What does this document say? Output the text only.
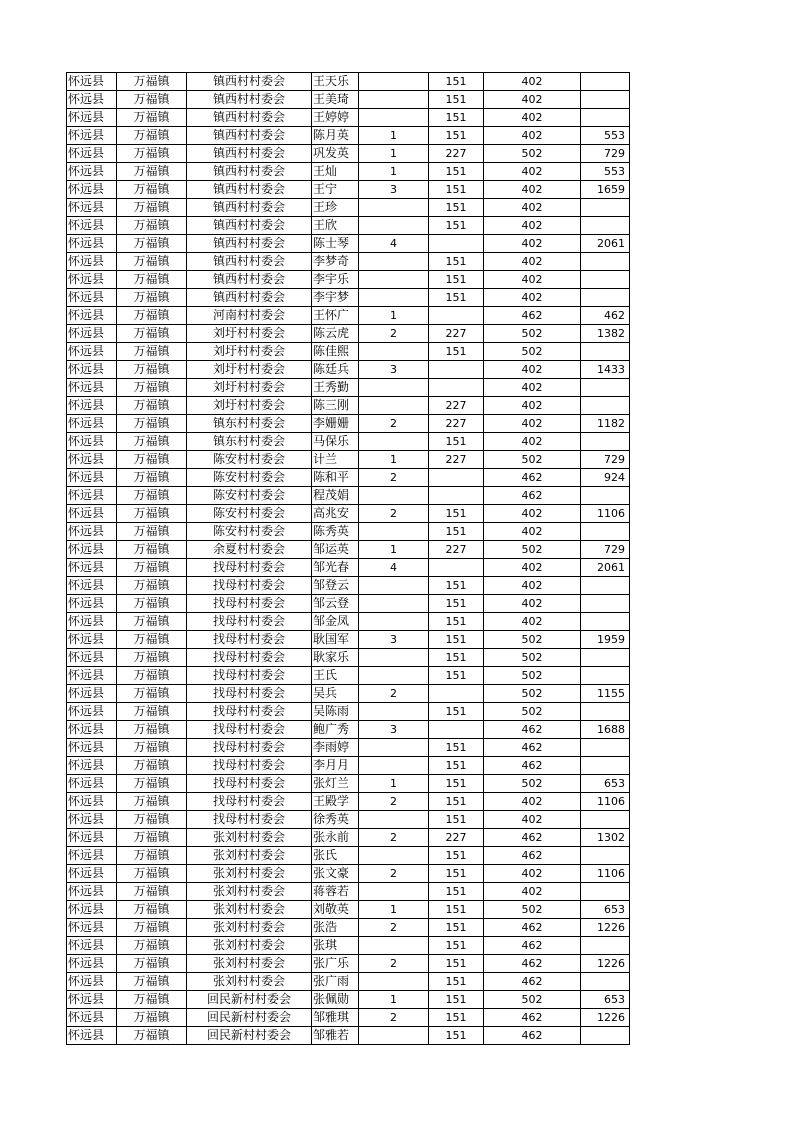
怀远县	万福镇	镇西村村委会	王天乐		151	402	
怀远县	万福镇	镇西村村委会	王美琦		151	402	
怀远县	万福镇	镇西村村委会	王婷婷		151	402	
怀远县	万福镇	镇西村村委会	陈月英	1	151	402	553
怀远县	万福镇	镇西村村委会	巩发英	1	227	502	729
怀远县	万福镇	镇西村村委会	王灿	1	151	402	553
怀远县	万福镇	镇西村村委会	王宁	3	151	402	1659
怀远县	万福镇	镇西村村委会	王珍		151	402	
怀远县	万福镇	镇西村村委会	王欣		151	402	
怀远县	万福镇	镇西村村委会	陈士琴	4		402	2061
怀远县	万福镇	镇西村村委会	李梦奇		151	402	
怀远县	万福镇	镇西村村委会	李宇乐		151	402	
怀远县	万福镇	镇西村村委会	李宇梦		151	402	
怀远县	万福镇	河南村村委会	王怀广	1		462	462
怀远县	万福镇	刘圩村村委会	陈云虎	2	227	502	1382
怀远县	万福镇	刘圩村村委会	陈佳熙		151	502	
怀远县	万福镇	刘圩村村委会	陈廷兵	3		402	1433
怀远县	万福镇	刘圩村村委会	王秀勤			402	
怀远县	万福镇	刘圩村村委会	陈三刚		227	402	
怀远县	万福镇	镇东村村委会	李姗姗	2	227	402	1182
怀远县	万福镇	镇东村村委会	马保乐		151	402	
怀远县	万福镇	陈安村村委会	计兰	1	227	502	729
怀远县	万福镇	陈安村村委会	陈和平	2		462	924
怀远县	万福镇	陈安村村委会	程茂娟			462	
怀远县	万福镇	陈安村村委会	高兆安	2	151	402	1106
怀远县	万福镇	陈安村村委会	陈秀英		151	402	
怀远县	万福镇	余夏村村委会	邹运英	1	227	502	729
怀远县	万福镇	找母村村委会	邹光春	4		402	2061
怀远县	万福镇	找母村村委会	邹登云		151	402	
怀远县	万福镇	找母村村委会	邹云登		151	402	
怀远县	万福镇	找母村村委会	邹金凤		151	402	
怀远县	万福镇	找母村村委会	耿国军	3	151	502	1959
怀远县	万福镇	找母村村委会	耿家乐		151	502	
怀远县	万福镇	找母村村委会	王氏		151	502	
怀远县	万福镇	找母村村委会	吴兵	2		502	1155
怀远县	万福镇	找母村村委会	吴陈雨		151	502	
怀远县	万福镇	找母村村委会	鲍广秀	3		462	1688
怀远县	万福镇	找母村村委会	李雨婷		151	462	
怀远县	万福镇	找母村村委会	李月月		151	462	
怀远县	万福镇	找母村村委会	张灯兰	1	151	502	653
怀远县	万福镇	找母村村委会	王殿学	2	151	402	1106
怀远县	万福镇	找母村村委会	徐秀英		151	402	
怀远县	万福镇	张刘村村委会	张永前	2	227	462	1302
怀远县	万福镇	张刘村村委会	张氏		151	462	
怀远县	万福镇	张刘村村委会	张文豪	2	151	402	1106
怀远县	万福镇	张刘村村委会	蒋蓉若		151	402	
怀远县	万福镇	张刘村村委会	刘敬英	1	151	502	653
怀远县	万福镇	张刘村村委会	张浩	2	151	462	1226
怀远县	万福镇	张刘村村委会	张琪		151	462	
怀远县	万福镇	张刘村村委会	张广乐	2	151	462	1226
怀远县	万福镇	张刘村村委会	张广雨		151	462	
怀远县	万福镇	回民新村村委会	张佩勋	1	151	502	653
怀远县	万福镇	回民新村村委会	邹雅琪	2	151	462	1226
怀远县	万福镇	回民新村村委会	邹雅若		151	462	
